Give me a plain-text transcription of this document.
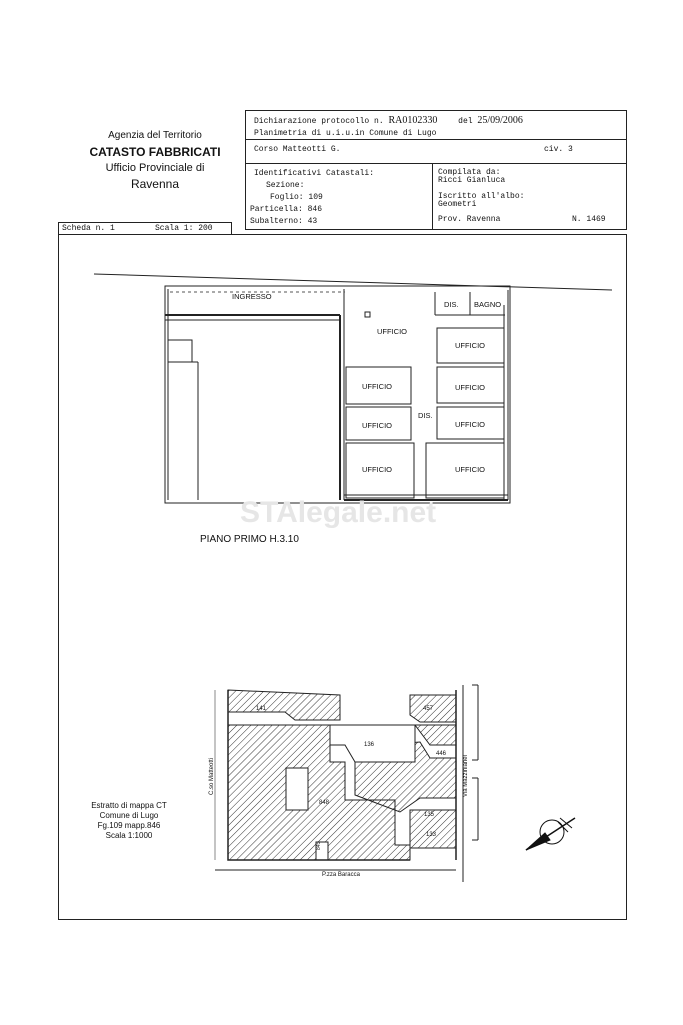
Agenzia del Territorio
CATASTO FABBRICATI
Ufficio Provinciale di
Ravenna
Dichiarazione protocollo n. RA0102330	del 25/09/2006
Planimetria di u.i.u.in Comune di Lugo
Corso Matteotti G.	civ. 3
Identificativi Catastali:
Sezione:
Foglio: 109
Particella: 846
Subalterno: 43
Compilata da:
Ricci Gianluca
Iscritto all'albo:
Geometri
Prov. Ravenna	N. 1469
Scheda n. 1	Scala 1: 200
INGRESSO
DIS. BAGNO
UFFICIO
UFFICIO
UFFICIO	UFFICIO
DIS.
UFFICIO	UFFICIO
UFFICIO	UFFICIO
STAlegale.net
PIANO PRIMO H.3.10
141	457
136
446
848
135
133
845
C.so Matteotti	Via Mazzinianei
P.zza Baracca
Estratto di mappa CT
Comune di Lugo
Fg.109 mapp.846
Scala 1:1000
